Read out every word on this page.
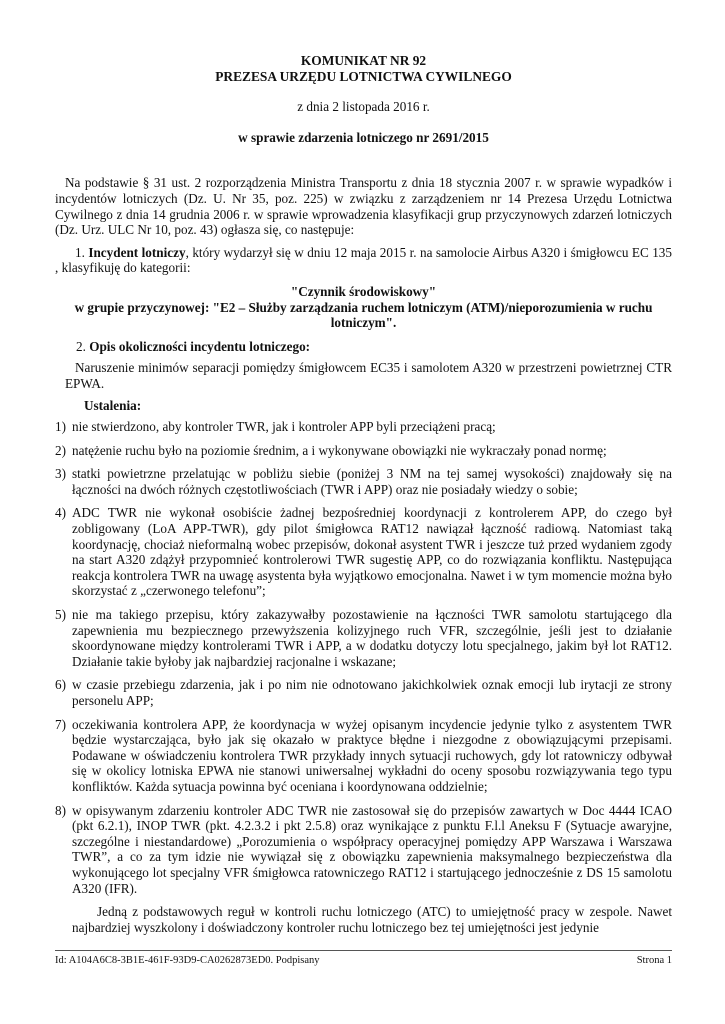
KOMUNIKAT NR 92
PREZESA URZĘDU LOTNICTWA CYWILNEGO
z dnia 2 listopada 2016 r.
w sprawie zdarzenia lotniczego nr 2691/2015

Na podstawie § 31 ust. 2 rozporządzenia Ministra Transportu z dnia 18 stycznia 2007 r. w sprawie wypadków i incydentów lotniczych (Dz. U. Nr 35, poz. 225) w związku z zarządzeniem nr 14 Prezesa Urzędu Lotnictwa Cywilnego z dnia 14 grudnia 2006 r. w sprawie wprowadzenia klasyfikacji grup przyczynowych zdarzeń lotniczych (Dz. Urz. ULC Nr 10, poz. 43) ogłasza się, co następuje:

1. Incydent lotniczy, który wydarzył się w dniu 12 maja 2015 r. na samolocie Airbus A320 i śmigłowcu EC 135 , klasyfikuję do kategorii:

"Czynnik środowiskowy"
w grupie przyczynowej: "E2 – Służby zarządzania ruchem lotniczym (ATM)/nieporozumienia w ruchu lotniczym".

2. Opis okoliczności incydentu lotniczego:

Naruszenie minimów separacji pomiędzy śmigłowcem EC35 i samolotem A320 w przestrzeni powietrznej CTR EPWA.

Ustalenia:
1) nie stwierdzono, aby kontroler TWR, jak i kontroler APP byli przeciążeni pracą;
2) natężenie ruchu było na poziomie średnim, a i wykonywane obowiązki nie wykraczały ponad normę;
3) statki powietrzne przelatując w pobliżu siebie (poniżej 3 NM na tej samej wysokości) znajdowały się na łączności na dwóch różnych częstotliwościach (TWR i APP) oraz nie posiadały wiedzy o sobie;
4) ADC TWR nie wykonał osobiście żadnej bezpośredniej koordynacji z kontrolerem APP, do czego był zobligowany (LoA APP-TWR), gdy pilot śmigłowca RAT12 nawiązał łączność radiową. Natomiast taką koordynację, chociaż nieformalną wobec przepisów, dokonał asystent TWR i jeszcze tuż przed wydaniem zgody na start A320 zdążył przypomnieć kontrolerowi TWR sugestię APP, co do rozwiązania konfliktu. Następująca reakcja kontrolera TWR na uwagę asystenta była wyjątkowo emocjonalna. Nawet i w tym momencie można było skorzystać z „czerwonego telefonu”;
5) nie ma takiego przepisu, który zakazywałby pozostawienie na łączności TWR samolotu startującego dla zapewnienia mu bezpiecznego przewyższenia kolizyjnego ruch VFR, szczególnie, jeśli jest to działanie skoordynowane między kontrolerami TWR i APP, a w dodatku dotyczy lotu specjalnego, jakim był lot RAT12. Działanie takie byłoby jak najbardziej racjonalne i wskazane;
6) w czasie przebiegu zdarzenia, jak i po nim nie odnotowano jakichkolwiek oznak emocji lub irytacji ze strony personelu APP;
7) oczekiwania kontrolera APP, że koordynacja w wyżej opisanym incydencie jedynie tylko z asystentem TWR będzie wystarczająca, było jak się okazało w praktyce błędne i niezgodne z obowiązującymi przepisami. Podawane w oświadczeniu kontrolera TWR przykłady innych sytuacji ruchowych, gdy lot ratowniczy odbywał się w okolicy lotniska EPWA nie stanowi uniwersalnej wykładni do oceny sposobu rozwiązywania tego typu konfliktów. Każda sytuacja powinna być oceniana i koordynowana oddzielnie;
8) w opisywanym zdarzeniu kontroler ADC TWR nie zastosował się do przepisów zawartych w Doc 4444 ICAO (pkt 6.2.1), INOP TWR (pkt. 4.2.3.2 i pkt 2.5.8) oraz wynikające z punktu F.l.l Aneksu F (Sytuacje awaryjne, szczególne i niestandardowe) „Porozumienia o współpracy operacyjnej pomiędzy APP Warszawa i Warszawa TWR”, a co za tym idzie nie wywiązał się z obowiązku zapewnienia maksymalnego bezpieczeństwa dla wykonującego lot specjalny VFR śmigłowca ratowniczego RAT12 i startującego jednocześnie z DS 15 samolotu A320 (IFR).

Jedną z podstawowych reguł w kontroli ruchu lotniczego (ATC) to umiejętność pracy w zespole. Nawet najbardziej wyszkolony i doświadczony kontroler ruchu lotniczego bez tej umiejętności jest jedynie

Id: A104A6C8-3B1E-461F-93D9-CA0262873ED0. Podpisany	Strona 1
